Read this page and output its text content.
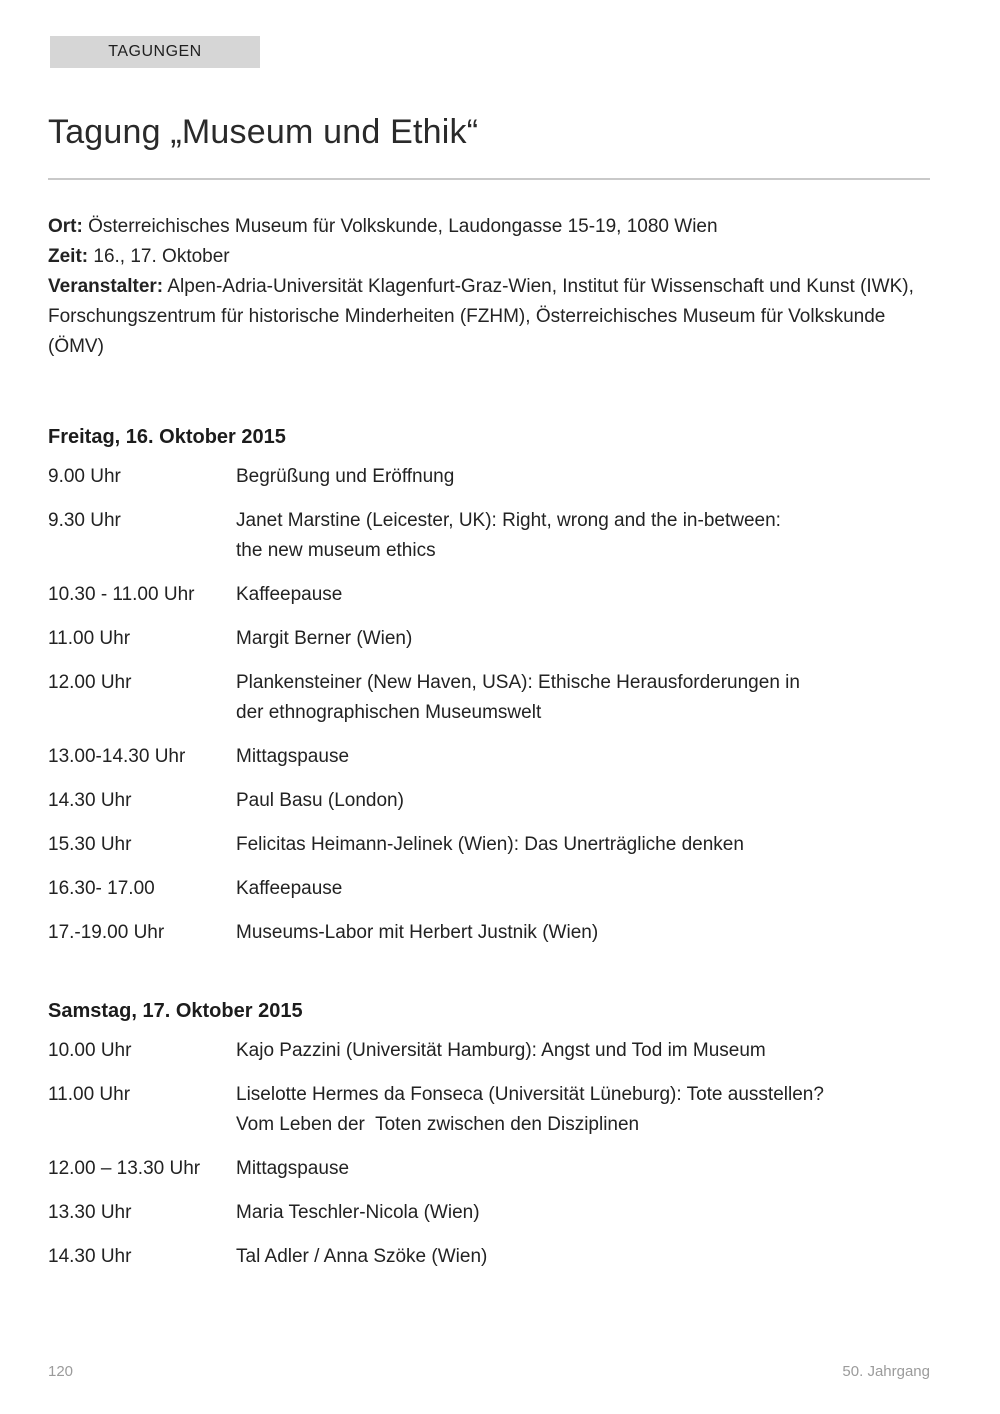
TAGUNGEN
Tagung „Museum und Ethik“
Ort: Österreichisches Museum für Volkskunde, Laudongasse 15-19, 1080 Wien
Zeit: 16., 17. Oktober
Veranstalter: Alpen-Adria-Universität Klagenfurt-Graz-Wien, Institut für Wissenschaft und Kunst (IWK), Forschungszentrum für historische Minderheiten (FZHM), Österreichisches Museum für Volkskunde (ÖMV)
Freitag, 16. Oktober 2015
9.00 Uhr	Begrüßung und Eröffnung
9.30 Uhr	Janet Marstine (Leicester, UK): Right, wrong and the in-between:
the new museum ethics
10.30 - 11.00 Uhr	Kaffeepause
11.00 Uhr	Margit Berner (Wien)
12.00 Uhr	Plankensteiner (New Haven, USA): Ethische Herausforderungen in
der ethnographischen Museumswelt
13.00-14.30 Uhr	Mittagspause
14.30 Uhr	Paul Basu (London)
15.30 Uhr	Felicitas Heimann-Jelinek (Wien): Das Unerträgliche denken
16.30- 17.00	Kaffeepause
17.-19.00 Uhr	Museums-Labor mit Herbert Justnik (Wien)
Samstag, 17. Oktober 2015
10.00 Uhr	Kajo Pazzini (Universität Hamburg): Angst und Tod im Museum
11.00 Uhr	Liselotte Hermes da Fonseca (Universität Lüneburg): Tote ausstellen?
Vom Leben der  Toten zwischen den Disziplinen
12.00 – 13.30 Uhr	Mittagspause
13.30 Uhr	Maria Teschler-Nicola (Wien)
14.30 Uhr	Tal Adler / Anna Szöke (Wien)
120	50. Jahrgang
